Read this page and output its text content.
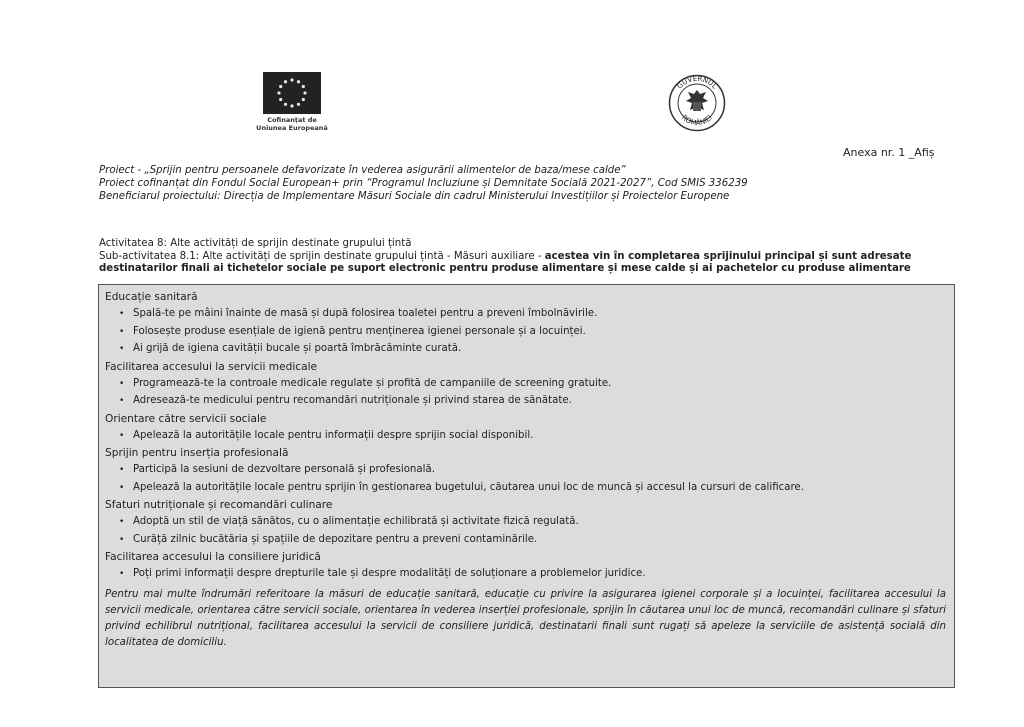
Cofinanțat de
Uniunea Europeană
GUVERNUL
ROMÂNIEI
Anexa nr. 1 _Afiș
Proiect - „Sprijin pentru persoanele defavorizate în vederea asigurării alimentelor de baza/mese calde”
Proiect cofinanțat din Fondul Social European+ prin “Programul Incluziune și Demnitate Socială 2021-2027”, Cod SMIS 336239
Beneficiarul proiectului: Direcția de Implementare Măsuri Sociale din cadrul Ministerului Investițiilor și Proiectelor Europene
Activitatea 8: Alte activități de sprijin destinate grupului țintă
Sub-activitatea 8.1: Alte activități de sprijin destinate grupului țintă - Măsuri auxiliare - acestea vin în completarea sprijinului principal și sunt adresate
destinatarilor finali ai tichetelor sociale pe suport electronic pentru produse alimentare și mese calde și ai pachetelor cu produse alimentare
Educație sanitară
• Spală-te pe mâini înainte de masă și după folosirea toaletei pentru a preveni îmbolnăvirile.
• Folosește produse esențiale de igienă pentru menținerea igienei personale și a locuinței.
• Ai grijă de igiena cavității bucale și poartă îmbrăcăminte curată.
Facilitarea accesului la servicii medicale
• Programează-te la controale medicale regulate și profită de campaniile de screening gratuite.
• Adresează-te medicului pentru recomandări nutriționale și privind starea de sănătate.
Orientare către servicii sociale
• Apelează la autoritățile locale pentru informații despre sprijin social disponibil.
Sprijin pentru inserția profesională
• Participă la sesiuni de dezvoltare personală și profesională.
• Apelează la autoritățile locale pentru sprijin în gestionarea bugetului, căutarea unui loc de muncă și accesul la cursuri de calificare.
Sfaturi nutriționale și recomandări culinare
• Adoptă un stil de viață sănătos, cu o alimentație echilibrată și activitate fizică regulată.
• Curăță zilnic bucătăria și spațiile de depozitare pentru a preveni contaminările.
Facilitarea accesului la consiliere juridică
• Poți primi informații despre drepturile tale și despre modalități de soluționare a problemelor juridice.
Pentru mai multe îndrumări referitoare la măsuri de educație sanitară, educație cu privire la asigurarea igienei corporale și a locuinței, facilitarea accesului la servicii medicale, orientarea către servicii sociale, orientarea în vederea inserției profesionale, sprijin în căutarea unui loc de muncă, recomandări culinare și sfaturi privind echilibrul nutrițional, facilitarea accesului la servicii de consiliere juridică, destinatarii finali sunt rugați să apeleze la serviciile de asistență socială din localitatea de domiciliu.
